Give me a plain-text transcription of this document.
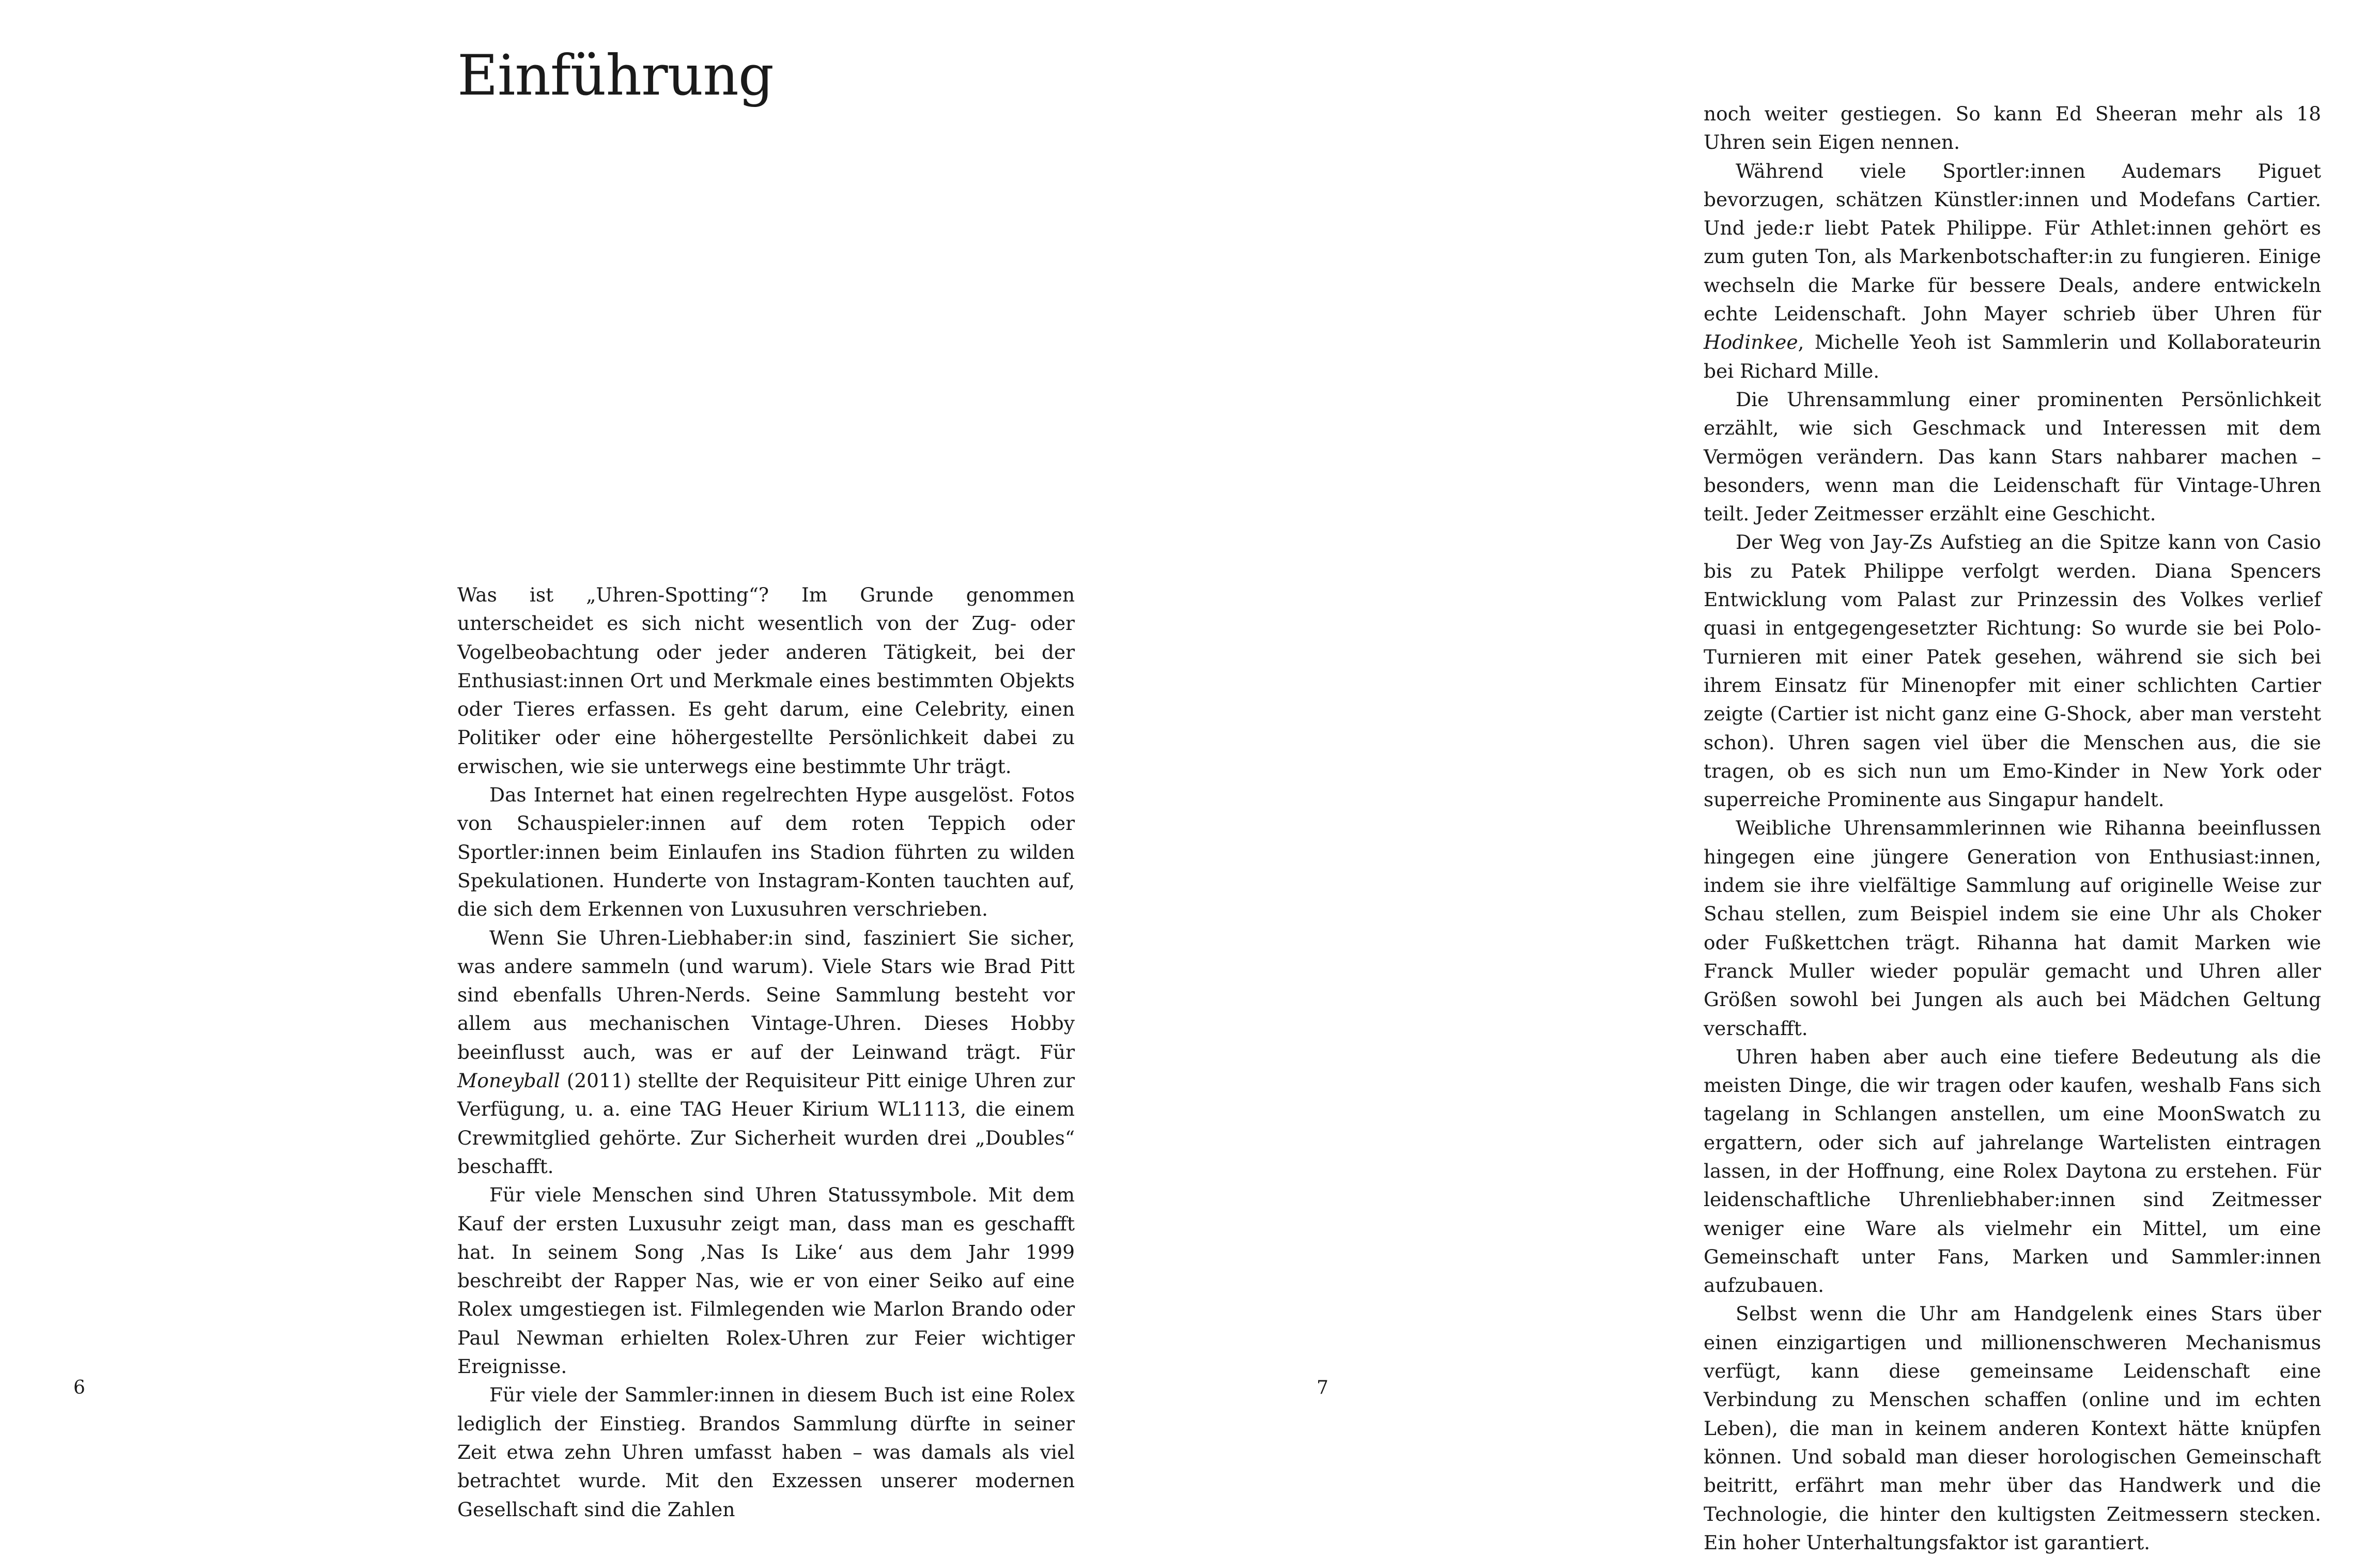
Einführung

Was ist „Uhren-Spotting“? Im Grunde genommen unterscheidet es sich nicht wesentlich von der Zug- oder Vogelbeobachtung oder jeder anderen Tätigkeit, bei der Enthusiast:innen Ort und Merkmale eines bestimmten Objekts oder Tieres erfassen. Es geht darum, eine Celebrity, einen Politiker oder eine höhergestellte Persönlichkeit dabei zu erwischen, wie sie unterwegs eine bestimmte Uhr trägt.

Das Internet hat einen regelrechten Hype ausgelöst. Fotos von Schauspieler:innen auf dem roten Teppich oder Sportler:innen beim Einlaufen ins Stadion führten zu wilden Spekulationen. Hunderte von Instagram-Konten tauchten auf, die sich dem Erkennen von Luxusuhren verschrieben.

Wenn Sie Uhren-Liebhaber:in sind, fasziniert Sie sicher, was andere sammeln (und warum). Viele Stars wie Brad Pitt sind ebenfalls Uhren-Nerds. Seine Sammlung besteht vor allem aus mechanischen Vintage-Uhren. Dieses Hobby beeinflusst auch, was er auf der Leinwand trägt. Für Moneyball (2011) stellte der Requisiteur Pitt einige Uhren zur Verfügung, u. a. eine TAG Heuer Kirium WL1113, die einem Crewmitglied gehörte. Zur Sicherheit wurden drei „Doubles“ beschafft.

Für viele Menschen sind Uhren Statussymbole. Mit dem Kauf der ersten Luxusuhr zeigt man, dass man es geschafft hat. In seinem Song ‚Nas Is Like‘ aus dem Jahr 1999 beschreibt der Rapper Nas, wie er von einer Seiko auf eine Rolex umgestiegen ist. Filmlegenden wie Marlon Brando oder Paul Newman erhielten Rolex-Uhren zur Feier wichtiger Ereignisse.

Für viele der Sammler:innen in diesem Buch ist eine Rolex lediglich der Einstieg. Brandos Sammlung dürfte in seiner Zeit etwa zehn Uhren umfasst haben – was damals als viel betrachtet wurde. Mit den Exzessen unserer modernen Gesellschaft sind die Zahlen

6

noch weiter gestiegen. So kann Ed Sheeran mehr als 18 Uhren sein Eigen nennen.

Während viele Sportler:innen Audemars Piguet bevorzugen, schätzen Künstler:innen und Modefans Cartier. Und jede:r liebt Patek Philippe. Für Athlet:innen gehört es zum guten Ton, als Markenbotschafter:in zu fungieren. Einige wechseln die Marke für bessere Deals, andere entwickeln echte Leidenschaft. John Mayer schrieb über Uhren für Hodinkee, Michelle Yeoh ist Sammlerin und Kollaborateurin bei Richard Mille.

Die Uhrensammlung einer prominenten Persönlichkeit erzählt, wie sich Geschmack und Interessen mit dem Vermögen verändern. Das kann Stars nahbarer machen – besonders, wenn man die Leidenschaft für Vintage-Uhren teilt. Jeder Zeitmesser erzählt eine Geschicht.

Der Weg von Jay-Zs Aufstieg an die Spitze kann von Casio bis zu Patek Philippe verfolgt werden. Diana Spencers Entwicklung vom Palast zur Prinzessin des Volkes verlief quasi in entgegengesetzter Richtung: So wurde sie bei Polo-Turnieren mit einer Patek gesehen, während sie sich bei ihrem Einsatz für Minenopfer mit einer schlichten Cartier zeigte (Cartier ist nicht ganz eine G-Shock, aber man versteht schon). Uhren sagen viel über die Menschen aus, die sie tragen, ob es sich nun um Emo-Kinder in New York oder superreiche Prominente aus Singapur handelt.

Weibliche Uhrensammlerinnen wie Rihanna beeinflussen hingegen eine jüngere Generation von Enthusiast:innen, indem sie ihre vielfältige Sammlung auf originelle Weise zur Schau stellen, zum Beispiel indem sie eine Uhr als Choker oder Fußkettchen trägt. Rihanna hat damit Marken wie Franck Muller wieder populär gemacht und Uhren aller Größen sowohl bei Jungen als auch bei Mädchen Geltung verschafft.

Uhren haben aber auch eine tiefere Bedeutung als die meisten Dinge, die wir tragen oder kaufen, weshalb Fans sich tagelang in Schlangen anstellen, um eine MoonSwatch zu ergattern, oder sich auf jahrelange Wartelisten eintragen lassen, in der Hoffnung, eine Rolex Daytona zu erstehen. Für leidenschaftliche Uhrenliebhaber:innen sind Zeitmesser weniger eine Ware als vielmehr ein Mittel, um eine Gemeinschaft unter Fans, Marken und Sammler:innen aufzubauen.

Selbst wenn die Uhr am Handgelenk eines Stars über einen einzigartigen und millionenschweren Mechanismus verfügt, kann diese gemeinsame Leidenschaft eine Verbindung zu Menschen schaffen (online und im echten Leben), die man in keinem anderen Kontext hätte knüpfen können. Und sobald man dieser horologischen Gemeinschaft beitritt, erfährt man mehr über das Handwerk und die Technologie, die hinter den kultigsten Zeitmessern stecken. Ein hoher Unterhaltungsfaktor ist garantiert.

7
